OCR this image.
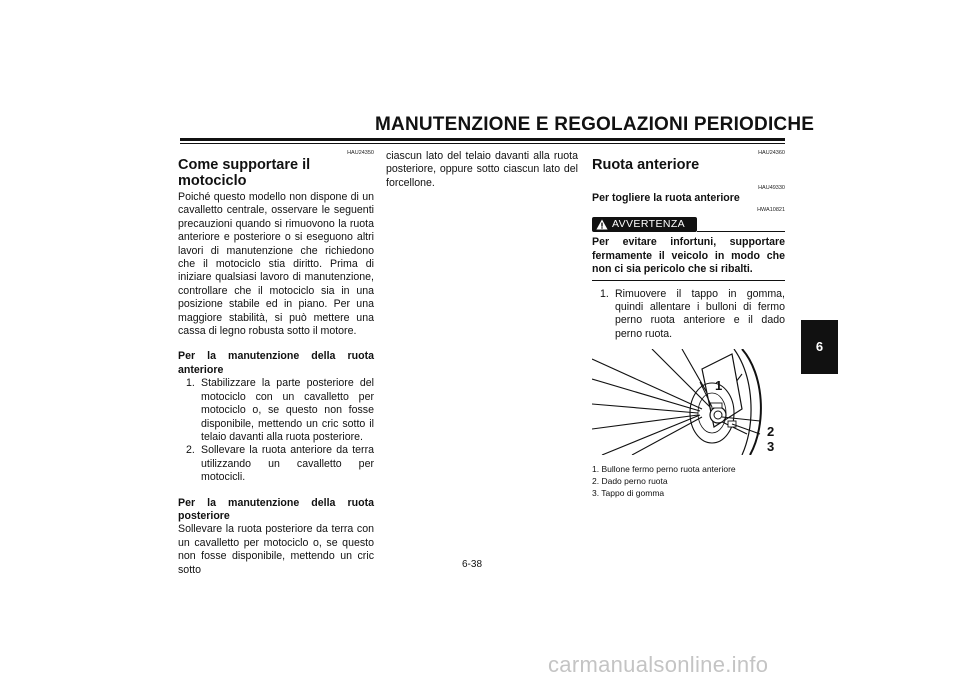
MANUTENZIONE E REGOLAZIONI PERIODICHE
HAU24350
Come supportare il motociclo

Poiché questo modello non dispone di un cavalletto centrale, osservare le seguenti precauzioni quando si rimuovono la ruota anteriore e posteriore o si eseguono altri lavori di manutenzione che richiedono che il motociclo stia diritto. Prima di iniziare qualsiasi lavoro di manutenzione, controllare che il motociclo sia in una posizione stabile ed in piano. Per una maggiore stabilità, si può mettere una cassa di legno robusta sotto il motore.

Per la manutenzione della ruota anteriore

1. Stabilizzare la parte posteriore del motociclo con un cavalletto per motociclo o, se questo non fosse disponibile, mettendo un cric sotto il telaio davanti alla ruota posteriore.
2. Sollevare la ruota anteriore da terra utilizzando un cavalletto per motocicli.

Per la manutenzione della ruota posteriore

Sollevare la ruota posteriore da terra con un cavalletto per motociclo o, se questo non fosse disponibile, mettendo un cric sotto

ciascun lato del telaio davanti alla ruota posteriore, oppure sotto ciascun lato del forcellone.

HAU24360
Ruota anteriore
HAU49330

Per togliere la ruota anteriore

HWA10821
AVVERTENZA

Per evitare infortuni, supportare fermamente il veicolo in modo che non ci sia pericolo che si ribalti.

1. Rimuovere il tappo in gomma, quindi allentare i bulloni di fermo perno ruota anteriore e il dado perno ruota.
1
2
3
1. Bullone fermo perno ruota anteriore
2. Dado perno ruota
3. Tappo di gomma
6-38
6
carmanualsonline.info
